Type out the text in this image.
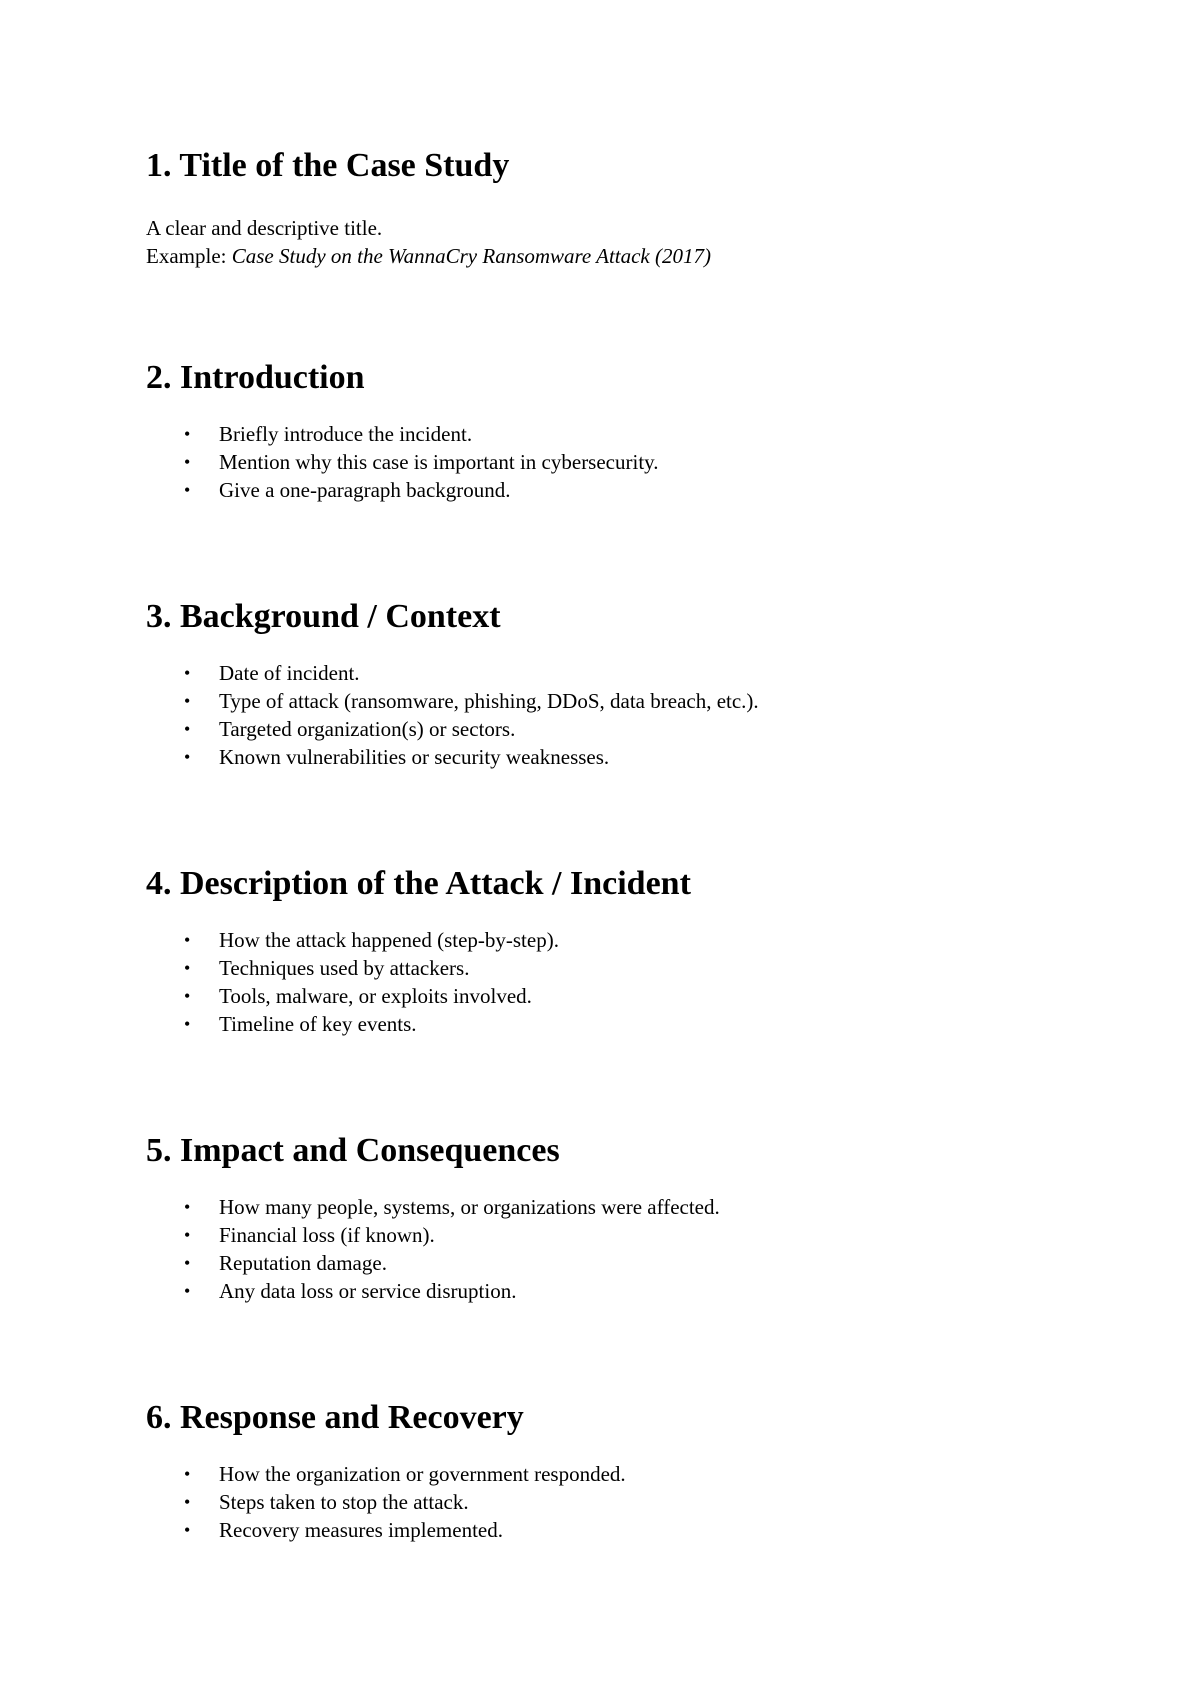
1. Title of the Case Study

A clear and descriptive title.

Example: Case Study on the WannaCry Ransomware Attack (2017)

2. Introduction
• Briefly introduce the incident.
• Mention why this case is important in cybersecurity.
• Give a one-paragraph background.
3. Background / Context
• Date of incident.
• Type of attack (ransomware, phishing, DDoS, data breach, etc.).
• Targeted organization(s) or sectors.
• Known vulnerabilities or security weaknesses.
4. Description of the Attack / Incident
• How the attack happened (step-by-step).
• Techniques used by attackers.
• Tools, malware, or exploits involved.
• Timeline of key events.
5. Impact and Consequences
• How many people, systems, or organizations were affected.
• Financial loss (if known).
• Reputation damage.
• Any data loss or service disruption.
6. Response and Recovery
• How the organization or government responded.
• Steps taken to stop the attack.
• Recovery measures implemented.
